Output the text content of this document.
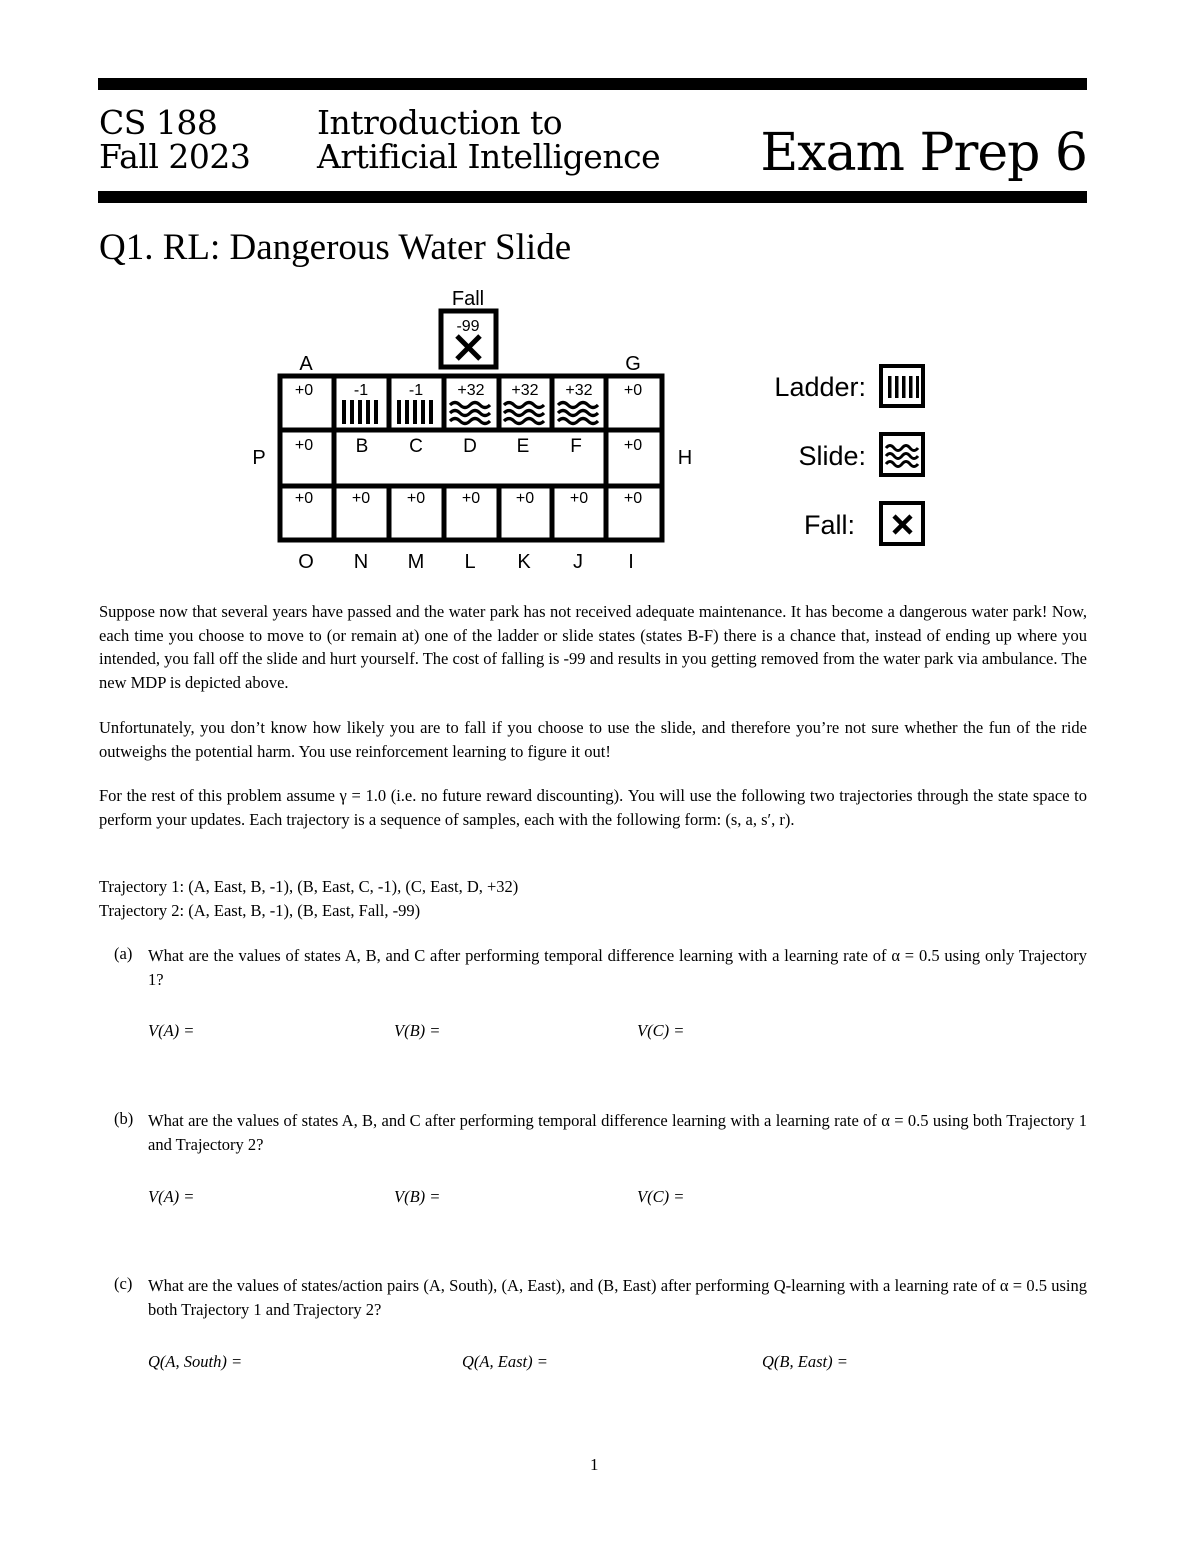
CS 188
Fall 2023
Introduction to
Artificial Intelligence Exam Prep 6
Q1. RL: Dangerous Water Slide
Fall
-99
A	G
+0	-1	-1 +32 +32 +32 +0
P
+0 B C D E F	+0
H
+0 +0 +0 +0 +0 +0 +0
O N M L K J I
Ladder:
Slide:
Fall:

Suppose now that several years have passed and the water park has not received adequate maintenance. It has become a dangerous water park! Now, each time you choose to move to (or remain at) one of the ladder or slide states (states B-F) there is a chance that, instead of ending up where you intended, you fall off the slide and hurt yourself. The cost of falling is -99 and results in you getting removed from the water park via ambulance. The new MDP is depicted above.

Unfortunately, you don’t know how likely you are to fall if you choose to use the slide, and therefore you’re not sure whether the fun of the ride outweighs the potential harm. You use reinforcement learning to figure it out!

For the rest of this problem assume γ = 1.0 (i.e. no future reward discounting). You will use the following two trajectories through the state space to perform your updates. Each trajectory is a sequence of samples, each with the following form: (s, a, s′, r).

Trajectory 1: (A, East, B, -1), (B, East, C, -1), (C, East, D, +32)

Trajectory 2: (A, East, B, -1), (B, East, Fall, -99)

(a) What are the values of states A, B, and C after performing temporal difference learning with a learning rate of α = 0.5 using only Trajectory 1?
V(A) =	V(B) =	V(C) =
(b) What are the values of states A, B, and C after performing temporal difference learning with a learning rate of α = 0.5 using both Trajectory 1 and Trajectory 2?
V(A) =	V(B) =	V(C) =
(c) What are the values of states/action pairs (A, South), (A, East), and (B, East) after performing Q-learning with a learning rate of α = 0.5 using both Trajectory 1 and Trajectory 2?
Q(A, South) =	Q(A, East) =	Q(B, East) =
1
